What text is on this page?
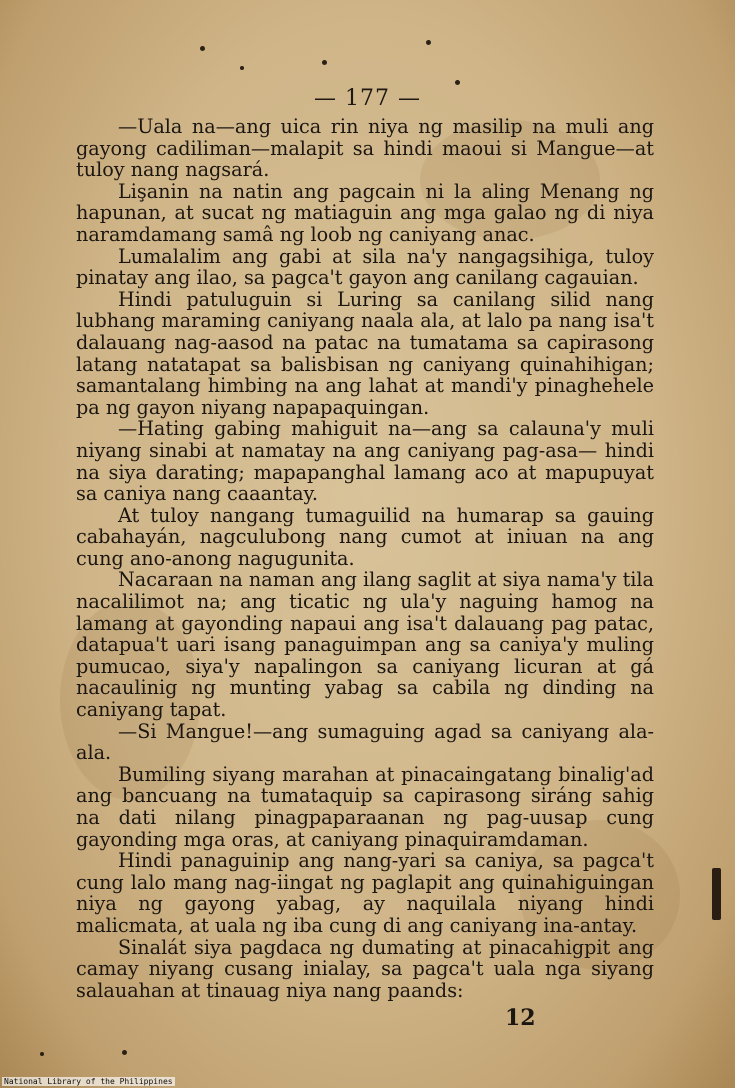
— 177 —

—Uala na—ang uica rin niya ng masilip na muli ang gayong cadiliman—malapit sa hindi maoui si Mangue—at tuloy nang nagsará.

Lişanin na natin ang pagcain ni la aling Menang ng hapunan, at sucat ng matiaguin ang mga galao ng di niya naramdamang samâ ng loob ng caniyang anac.

Lumalalim ang gabi at sila na'y nangagsihiga, tuloy pinatay ang ilao, sa pagca't gayon ang canilang cagauian.

Hindi patuluguin si Luring sa canilang silid nang lubhang maraming caniyang naala ala, at lalo pa nang isa't dalauang nag-aasod na patac na tumatama sa capirasong latang natatapat sa balisbisan ng caniyang quinahihigan; samantalang himbing na ang lahat at mandi'y pinaghehele pa ng gayon niyang napapaquingan.

—Hating gabing mahiguit na—ang sa calauna'y muli niyang sinabi at namatay na ang caniyang pag-asa— hindi na siya darating; mapapanghal lamang aco at mapupuyat sa caniya nang caaantay.

At tuloy nangang tumaguilid na humarap sa gauing cabahayán, nagculubong nang cumot at iniuan na ang cung ano-anong nagugunita.

Nacaraan na naman ang ilang saglit at siya nama'y tila nacalilimot na; ang ticatic ng ula'y naguing hamog na lamang at gayonding napaui ang isa't dalauang pag patac, datapua't uari isang panaguimpan ang sa caniya'y muling pumucao, siya'y napalingon sa caniyang licuran at gá nacaulinig ng munting yabag sa cabila ng dinding na caniyang tapat.

—Si Mangue!—ang sumaguing agad sa caniyang ala-ala.

Bumiling siyang marahan at pinacaingatang binalig'ad ang bancuang na tumataquip sa capirasong siráng sahig na dati nilang pinagpaparaanan ng pag-uusap cung gayonding mga oras, at caniyang pinaquiramdaman.

Hindi panaguinip ang nang-yari sa caniya, sa pagca't cung lalo mang nag-iingat ng paglapit ang quinahiguingan niya ng gayong yabag, ay naquilala niyang hindi malicmata, at uala ng iba cung di ang caniyang ina-antay.

Sinalát siya pagdaca ng dumating at pinacahigpit ang camay niyang cusang inialay, sa pagca't uala nga siyang salauahan at tinauag niya nang paands:

12
National Library of the Philippines
